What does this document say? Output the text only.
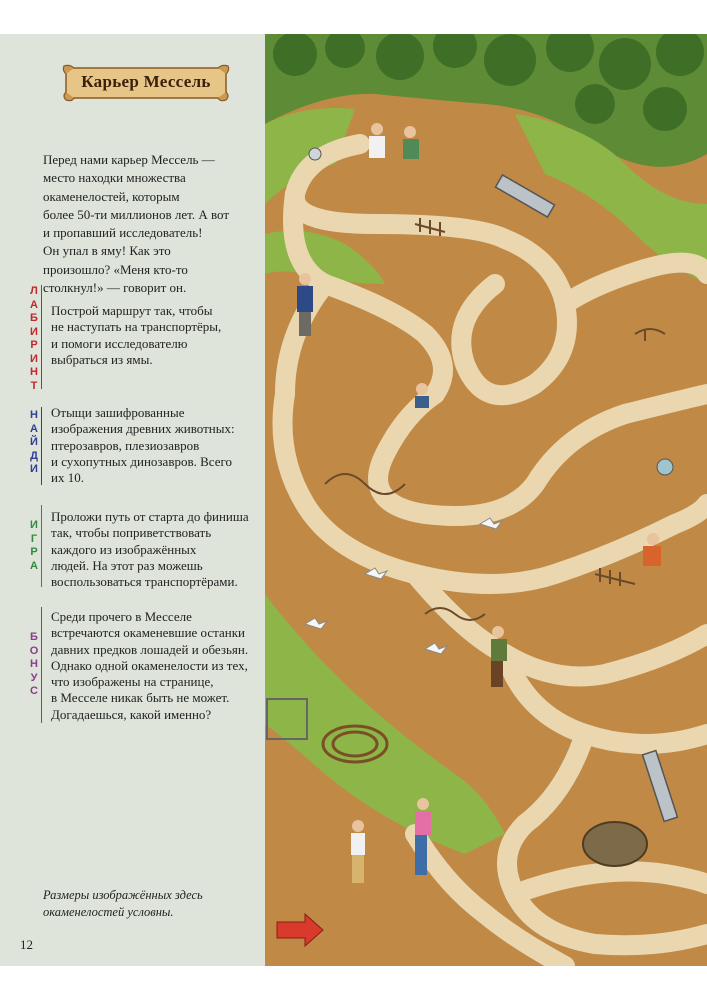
Карьер Мессель
Перед нами карьер Мессель —
место находки множества
окаменелостей, которым
более 50-ти миллионов лет. А вот
и пропавший исследователь!
Он упал в яму! Как это
произошло? «Меня кто-то
столкнул!» — говорит он.
Л
А
Б
И
Р
И
Н
Т
Построй маршрут так, чтобы
не наступать на транспортёры,
и помоги исследователю
выбраться из ямы.
Н
А
Й
Д
И
Отыщи зашифрованные
изображения древних животных:
птерозавров, плезиозавров
и сухопутных динозавров. Всего
их 10.
И
Г
Р
А
Проложи путь от старта до финиша
так, чтобы поприветствовать
каждого из изображённых
людей. На этот раз можешь
воспользоваться транспортёрами.
Б
О
Н
У
С
Среди прочего в Месселе
встречаются окаменевшие останки
давних предков лошадей и обезьян.
Однако одной окаменелости из тех,
что изображены на странице,
в Месселе никак быть не может.
Догадаешься, какой именно?
Размеры изображённых здесь
окаменелостей условны.
12
